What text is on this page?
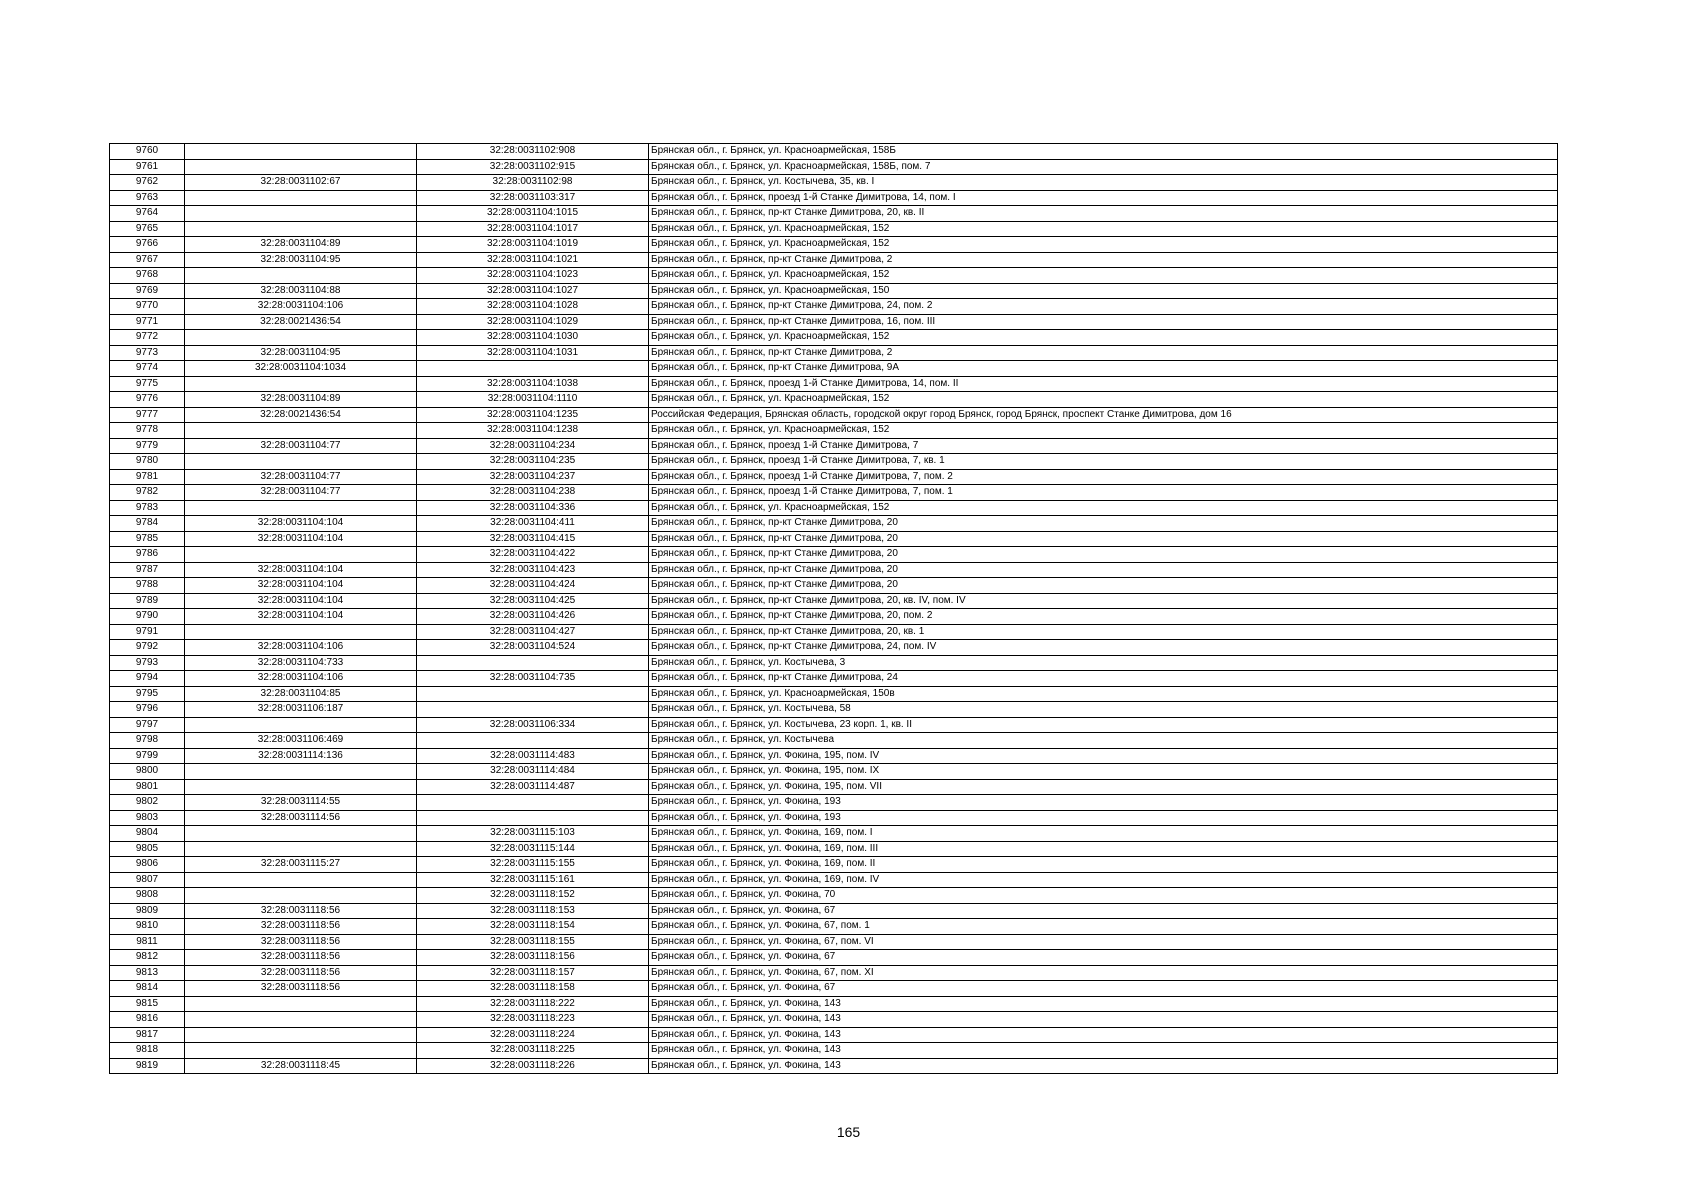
9760		32:28:0031102:908	Брянская обл., г. Брянск, ул. Красноармейская, 158Б
9761		32:28:0031102:915	Брянская обл., г. Брянск, ул. Красноармейская, 158Б, пом. 7
9762	32:28:0031102:67	32:28:0031102:98	Брянская обл., г. Брянск, ул. Костычева, 35, кв. I
9763		32:28:0031103:317	Брянская обл., г. Брянск, проезд 1-й Станке Димитрова, 14, пом. I
9764		32:28:0031104:1015	Брянская обл., г. Брянск, пр-кт Станке Димитрова, 20, кв. II
9765		32:28:0031104:1017	Брянская обл., г. Брянск, ул. Красноармейская, 152
9766	32:28:0031104:89	32:28:0031104:1019	Брянская обл., г. Брянск, ул. Красноармейская, 152
9767	32:28:0031104:95	32:28:0031104:1021	Брянская обл., г. Брянск, пр-кт Станке Димитрова, 2
9768		32:28:0031104:1023	Брянская обл., г. Брянск, ул. Красноармейская, 152
9769	32:28:0031104:88	32:28:0031104:1027	Брянская обл., г. Брянск, ул. Красноармейская, 150
9770	32:28:0031104:106	32:28:0031104:1028	Брянская обл., г. Брянск, пр-кт Станке Димитрова, 24, пом. 2
9771	32:28:0021436:54	32:28:0031104:1029	Брянская обл., г. Брянск, пр-кт Станке Димитрова, 16, пом. III
9772		32:28:0031104:1030	Брянская обл., г. Брянск, ул. Красноармейская, 152
9773	32:28:0031104:95	32:28:0031104:1031	Брянская обл., г. Брянск, пр-кт Станке Димитрова, 2
9774	32:28:0031104:1034		Брянская обл., г. Брянск, пр-кт Станке Димитрова, 9А
9775		32:28:0031104:1038	Брянская обл., г. Брянск, проезд 1-й Станке Димитрова, 14, пом. II
9776	32:28:0031104:89	32:28:0031104:1110	Брянская обл., г. Брянск, ул. Красноармейская, 152
9777	32:28:0021436:54	32:28:0031104:1235	Российская Федерация, Брянская область, городской округ город Брянск, город Брянск, проспект Станке Димитрова, дом 16
9778		32:28:0031104:1238	Брянская обл., г. Брянск, ул. Красноармейская, 152
9779	32:28:0031104:77	32:28:0031104:234	Брянская обл., г. Брянск, проезд 1-й Станке Димитрова, 7
9780		32:28:0031104:235	Брянская обл., г. Брянск, проезд 1-й Станке Димитрова, 7, кв. 1
9781	32:28:0031104:77	32:28:0031104:237	Брянская обл., г. Брянск, проезд 1-й Станке Димитрова, 7, пом. 2
9782	32:28:0031104:77	32:28:0031104:238	Брянская обл., г. Брянск, проезд 1-й Станке Димитрова, 7, пом. 1
9783		32:28:0031104:336	Брянская обл., г. Брянск, ул. Красноармейская, 152
9784	32:28:0031104:104	32:28:0031104:411	Брянская обл., г. Брянск, пр-кт Станке Димитрова, 20
9785	32:28:0031104:104	32:28:0031104:415	Брянская обл., г. Брянск, пр-кт Станке Димитрова, 20
9786		32:28:0031104:422	Брянская обл., г. Брянск, пр-кт Станке Димитрова, 20
9787	32:28:0031104:104	32:28:0031104:423	Брянская обл., г. Брянск, пр-кт Станке Димитрова, 20
9788	32:28:0031104:104	32:28:0031104:424	Брянская обл., г. Брянск, пр-кт Станке Димитрова, 20
9789	32:28:0031104:104	32:28:0031104:425	Брянская обл., г. Брянск, пр-кт Станке Димитрова, 20, кв. IV, пом. IV
9790	32:28:0031104:104	32:28:0031104:426	Брянская обл., г. Брянск, пр-кт Станке Димитрова, 20, пом. 2
9791		32:28:0031104:427	Брянская обл., г. Брянск, пр-кт Станке Димитрова, 20, кв. 1
9792	32:28:0031104:106	32:28:0031104:524	Брянская обл., г. Брянск, пр-кт Станке Димитрова, 24, пом. IV
9793	32:28:0031104:733		Брянская обл., г. Брянск, ул. Костычева, 3
9794	32:28:0031104:106	32:28:0031104:735	Брянская обл., г. Брянск, пр-кт Станке Димитрова, 24
9795	32:28:0031104:85		Брянская обл., г. Брянск, ул. Красноармейская, 150в
9796	32:28:0031106:187		Брянская обл., г. Брянск, ул. Костычева, 58
9797		32:28:0031106:334	Брянская обл., г. Брянск, ул. Костычева, 23 корп. 1, кв. II
9798	32:28:0031106:469		Брянская обл., г. Брянск, ул. Костычева
9799	32:28:0031114:136	32:28:0031114:483	Брянская обл., г. Брянск, ул. Фокина, 195, пом. IV
9800		32:28:0031114:484	Брянская обл., г. Брянск, ул. Фокина, 195, пом. IX
9801		32:28:0031114:487	Брянская обл., г. Брянск, ул. Фокина, 195, пом. VII
9802	32:28:0031114:55		Брянская обл., г. Брянск, ул. Фокина, 193
9803	32:28:0031114:56		Брянская обл., г. Брянск, ул. Фокина, 193
9804		32:28:0031115:103	Брянская обл., г. Брянск, ул. Фокина, 169, пом. I
9805		32:28:0031115:144	Брянская обл., г. Брянск, ул. Фокина, 169, пом. III
9806	32:28:0031115:27	32:28:0031115:155	Брянская обл., г. Брянск, ул. Фокина, 169, пом. II
9807		32:28:0031115:161	Брянская обл., г. Брянск, ул. Фокина, 169, пом. IV
9808		32:28:0031118:152	Брянская обл., г. Брянск, ул. Фокина, 70
9809	32:28:0031118:56	32:28:0031118:153	Брянская обл., г. Брянск, ул. Фокина, 67
9810	32:28:0031118:56	32:28:0031118:154	Брянская обл., г. Брянск, ул. Фокина, 67, пом. 1
9811	32:28:0031118:56	32:28:0031118:155	Брянская обл., г. Брянск, ул. Фокина, 67, пом. VI
9812	32:28:0031118:56	32:28:0031118:156	Брянская обл., г. Брянск, ул. Фокина, 67
9813	32:28:0031118:56	32:28:0031118:157	Брянская обл., г. Брянск, ул. Фокина, 67, пом. XI
9814	32:28:0031118:56	32:28:0031118:158	Брянская обл., г. Брянск, ул. Фокина, 67
9815		32:28:0031118:222	Брянская обл., г. Брянск, ул. Фокина, 143
9816		32:28:0031118:223	Брянская обл., г. Брянск, ул. Фокина, 143
9817		32:28:0031118:224	Брянская обл., г. Брянск, ул. Фокина, 143
9818		32:28:0031118:225	Брянская обл., г. Брянск, ул. Фокина, 143
9819	32:28:0031118:45	32:28:0031118:226	Брянская обл., г. Брянск, ул. Фокина, 143
165
